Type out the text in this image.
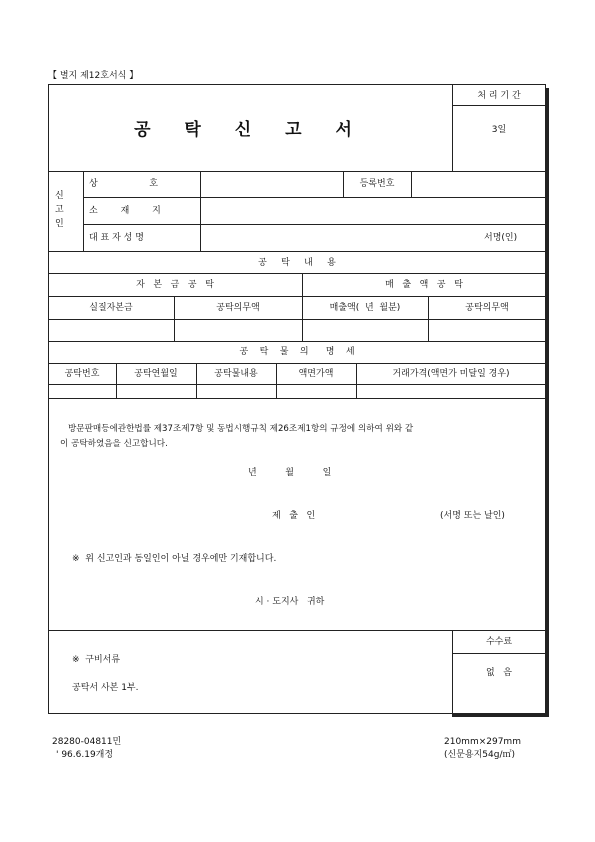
【 별지 제12호서식 】
공 탁 신 고 서
처 리 기 간
3일
신
고
인
상                  호	등록번호
소        재        지
대 표 자 성 명	서명(인)
공     탁     내     용
자   본   금   공   탁	매   출   액   공   탁
실질자본금	공탁의무액	매출액(  년  월분)	공탁의무액
공    탁    물    의      명    세
공탁번호	공탁연월일	공탁물내용	액면가액	거래가격(액면가 미달일 경우)
방문판매등에관한법률 제37조제7항 및 동법시행규칙 제26조제1항의 규정에 의하여 위와 같
이 공탁하였음을 신고합니다.
년          월          일
제   출   인	(서명 또는 날인)
※  위 신고인과 동일인이 아닐 경우에만 기재합니다.
시 · 도지사   귀하
※  구비서류
공탁서 사본 1부.
수수료
없   음
28280-04811민
' 96.6.19개정
210mm×297mm
(신문용지54g/㎡)
